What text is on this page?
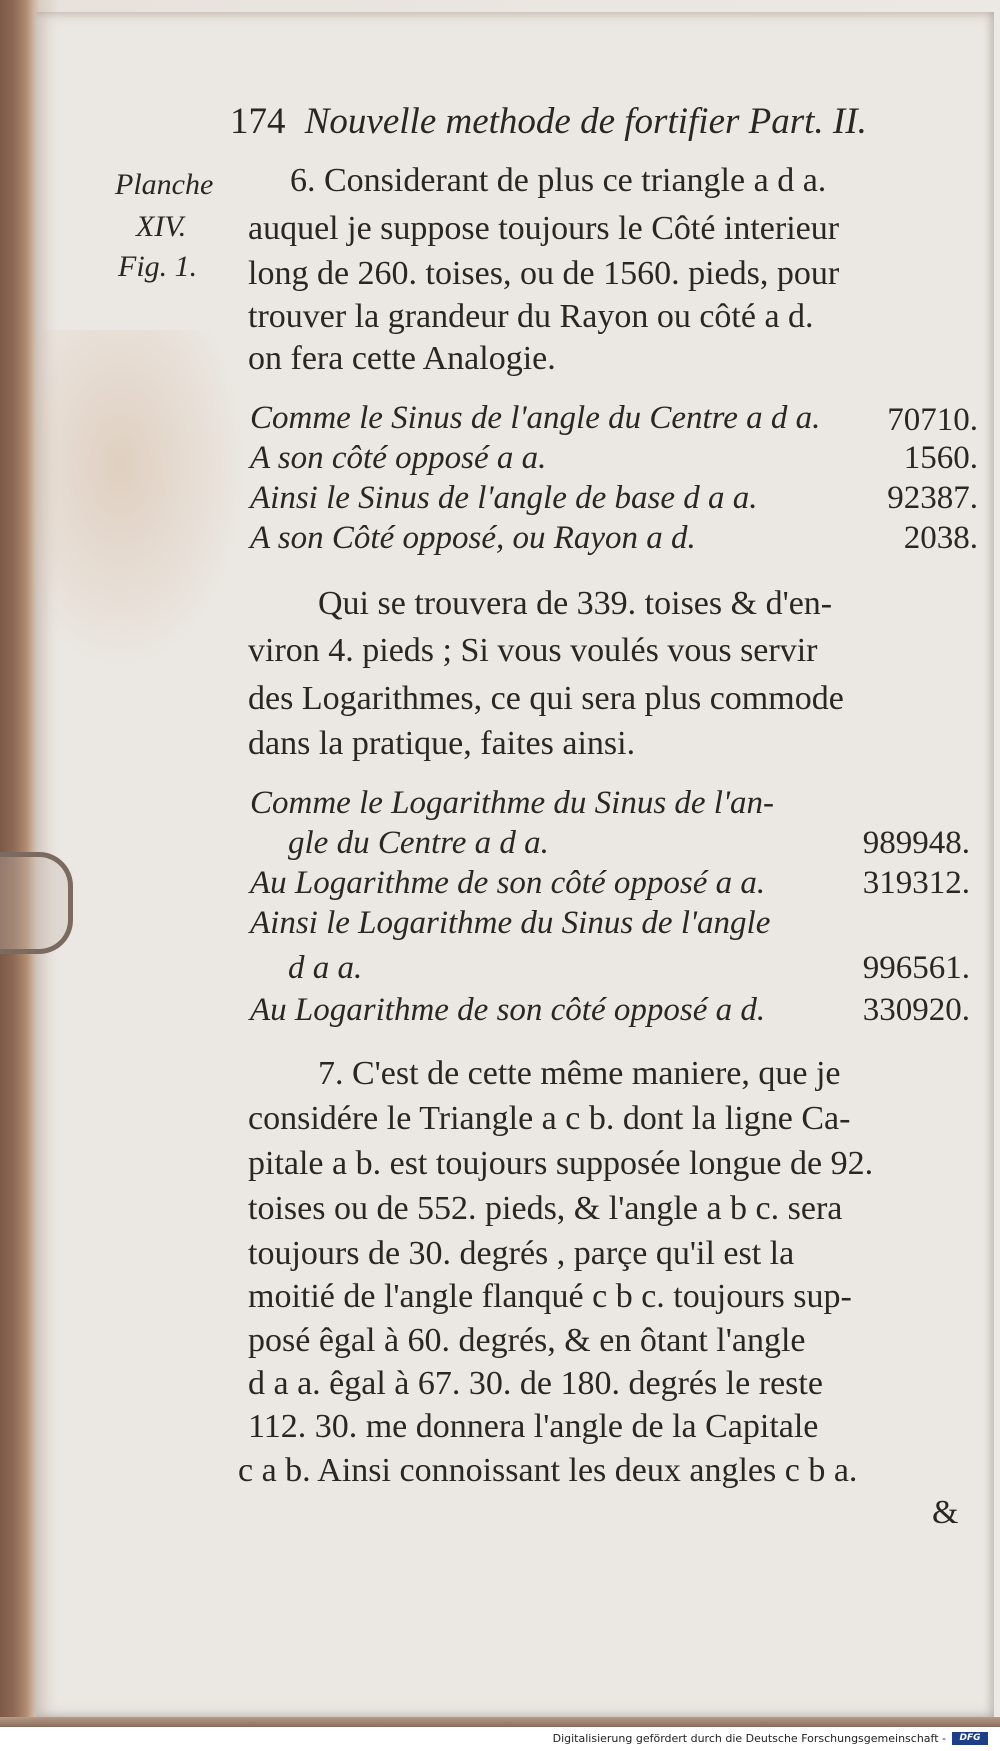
174 Nouvelle methode de fortifier Part. II.
Planche
XIV.
Fig. 1.
6. Considerant de plus ce triangle a d a.
auquel je suppose toujours le Côté interieur
long de 260. toises, ou de 1560. pieds, pour
trouver la grandeur du Rayon ou côté a d.
on fera cette Analogie.
Comme le Sinus de l'angle du Centre a d a. 70710.
A son côté opposé a a.	1560.
Ainsi le Sinus de l'angle de base d a a.	92387.
A son Côté opposé, ou Rayon a d.	2038.
Qui se trouvera de 339. toises & d'en-
viron 4. pieds ; Si vous voulés vous servir
des Logarithmes, ce qui sera plus commode
dans la pratique, faites ainsi.
Comme le Logarithme du Sinus de l'an-
gle du Centre a d a.	989948.
Au Logarithme de son côté opposé a a.	319312.
Ainsi le Logarithme du Sinus de l'angle
d a a.	996561.
Au Logarithme de son côté opposé a d.	330920.
7. C'est de cette même maniere, que je
considére le Triangle a c b. dont la ligne Ca-
pitale a b. est toujours supposée longue de 92.
toises ou de 552. pieds, & l'angle a b c. sera
toujours de 30. degrés , parçe qu'il est la
moitié de l'angle flanqué c b c. toujours sup-
posé êgal à 60. degrés, & en ôtant l'angle
d a a. êgal à 67. 30. de 180. degrés le reste
112. 30. me donnera l'angle de la Capitale
c a b. Ainsi connoissant les deux angles c b a.
&
Digitalisierung gefördert durch die Deutsche Forschungsgemeinschaft -	DFG
